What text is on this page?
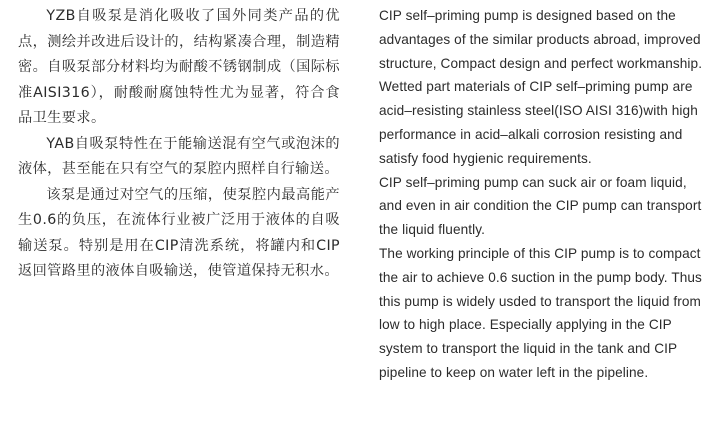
YZB自吸泵是消化吸收了国外同类产品的优点，测绘并改进后设计的，结构紧凑合理，制造精密。自吸泵部分材料均为耐酸不锈钢制成（国际标准AISI316），耐酸耐腐蚀特性尤为显著，符合食品卫生要求。

YAB自吸泵特性在于能输送混有空气或泡沫的液体，甚至能在只有空气的泵腔内照样自行输送。

该泵是通过对空气的压缩，使泵腔内最高能产生0.6的负压，在流体行业被广泛用于液体的自吸输送泵。特别是用在CIP清洗系统，将罐内和CIP返回管路里的液体自吸输送，使管道保持无积水。

CIP self–priming pump is designed based on the advantages of the similar products abroad, improved structure, Compact design and perfect workmanship. Wetted part materials of CIP self–priming pump are acid–resisting stainless steel(ISO AISI 316)with high performance in acid–alkali corrosion resisting and satisfy food hygienic requirements.

CIP self–priming pump can suck air or foam liquid, and even in air condition the CIP pump can transport the liquid fluently.

The working principle of this CIP pump is to compact the air to achieve 0.6 suction in the pump body. Thus this pump is widely usded to transport the liquid from low to high place. Especially applying in the CIP system to transport the liquid in the tank and CIP pipeline to keep on water left in the pipeline.
